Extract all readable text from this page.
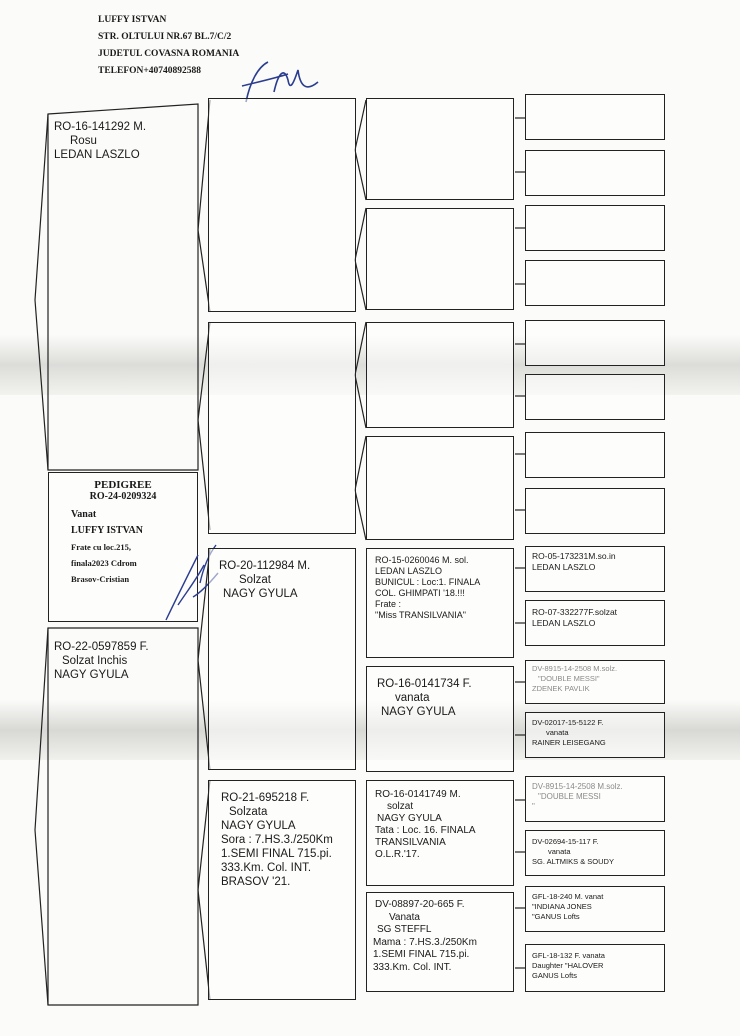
LUFFY ISTVAN
STR. OLTULUI NR.67 BL.7/C/2
JUDETUL COVASNA ROMANIA
TELEFON+40740892588
RO-16-141292 M.
Rosu
LEDAN LASZLO
PEDIGREE
RO-24-0209324
Vanat
LUFFY ISTVAN
Frate cu loc.215,
finala2023 Cdrom
Brasov-Cristian
RO-22-0597859 F.
Solzat Inchis
NAGY GYULA
RO-20-112984 M.
Solzat
NAGY GYULA
RO-21-695218 F.
Solzata
NAGY GYULA
Sora : 7.HS.3./250Km
1.SEMI FINAL 715.pi.
333.Km. Col. INT.
BRASOV '21.
RO-15-0260046 M. sol.
LEDAN LASZLO
BUNICUL : Loc:1. FINALA
COL. GHIMPATI '18.!!!
Frate :
"Miss TRANSILVANIA"
RO-16-0141734 F.
vanata
NAGY GYULA
RO-16-0141749 M.
solzat
NAGY GYULA
Tata : Loc. 16. FINALA
TRANSILVANIA
O.L.R.'17.
DV-08897-20-665 F.
Vanata
SG STEFFL
Mama : 7.HS.3./250Km
1.SEMI FINAL 715.pi.
333.Km. Col. INT.
RO-05-173231M.so.in
LEDAN LASZLO
RO-07-332277F.solzat
LEDAN LASZLO
DV-8915-14-2508 M.solz.
"DOUBLE MESSI"
ZDENEK PAVLIK
DV-02017-15-5122 F.
vanata
RAINER LEISEGANG
DV-8915-14-2508 M.solz.
"DOUBLE MESSI
"
DV-02694-15-117 F.
vanata
SG. ALTMIKS & SOUDY
GFL-18-240 M. vanat
"INDIANA JONES
"GANUS Lofts
GFL-18-132 F. vanata
Daughter "HALOVER
GANUS Lofts
